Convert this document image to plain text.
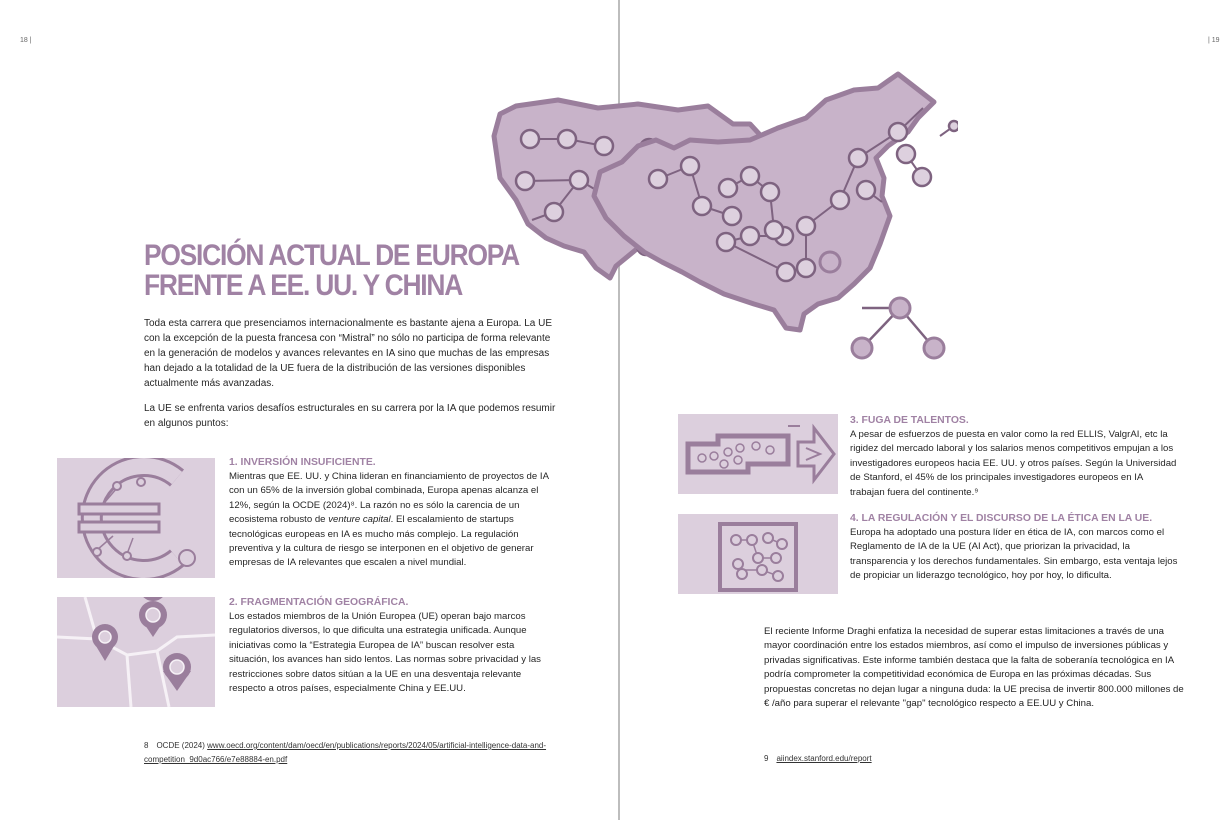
18 |	| 19
POSICIÓN ACTUAL DE EUROPA
FRENTE A EE. UU. Y CHINA

Toda esta carrera que presenciamos internacionalmente es bastante ajena a Europa. La UE con la excepción de la puesta francesa con “Mistral” no sólo no participa de forma relevante en la generación de modelos y avances relevantes en IA sino que muchas de las empresas han dejado a la totalidad de la UE fuera de la distribución de las versiones disponibles actualmente más avanzadas.

La UE se enfrenta varios desafíos estructurales en su carrera por la IA que podemos resumir en algunos puntos:

1. INVERSIÓN INSUFICIENTE.

Mientras que EE. UU. y China lideran en financiamiento de proyectos de IA con un 65% de la inversión global combinada, Europa apenas alcanza el 12%, según la OCDE (2024)⁸. La razón no es sólo la carencia de un ecosistema robusto de venture capital. El escalamiento de startups tecnológicas europeas en IA es mucho más complejo. La regulación preventiva y la cultura de riesgo se interponen en el objetivo de generar empresas de IA relevantes que escalen a nivel mundial.

2. FRAGMENTACIÓN GEOGRÁFICA.

Los estados miembros de la Unión Europea (UE) operan bajo marcos regulatorios diversos, lo que dificulta una estrategia unificada. Aunque iniciativas como la “Estrategia Europea de IA” buscan resolver esta situación, los avances han sido lentos. Las normas sobre privacidad y las restricciones sobre datos sitúan a la UE en una desventaja relevante respecto a otros países, especialmente China y EE.UU.

3. FUGA DE TALENTOS.

A pesar de esfuerzos de puesta en valor como la red ELLIS, ValgrAI, etc la rigidez del mercado laboral y los salarios menos competitivos empujan a los investigadores europeos hacia EE. UU. y otros países. Según la Universidad de Stanford, el 45% de los principales investigadores europeos en IA trabajan fuera del continente.⁹

4. LA REGULACIÓN Y EL DISCURSO DE LA ÉTICA EN LA UE.

Europa ha adoptado una postura líder en ética de IA, con marcos como el Reglamento de IA de la UE (AI Act), que priorizan la privacidad, la transparencia y los derechos fundamentales. Sin embargo, esta ventaja lejos de propiciar un liderazgo tecnológico, hoy por hoy, lo dificulta.

El reciente Informe Draghi enfatiza la necesidad de superar estas limitaciones a través de una mayor coordinación entre los estados miembros, así como el impulso de inversiones públicas y privadas significativas. Este informe también destaca que la falta de soberanía tecnológica en IA podría comprometer la competitividad económica de Europa en las próximas décadas. Sus propuestas concretas no dejan lugar a ninguna duda: la UE precisa de invertir 800.000 millones de € /año para superar el relevante "gap" tecnológico respecto a EE.UU y China.

8 OCDE (2024) www.oecd.org/content/dam/oecd/en/publications/reports/2024/05/artificial-intelligence-data-and-competition_9d0ac766/e7e88884-en.pdf	9 aiindex.stanford.edu/report
